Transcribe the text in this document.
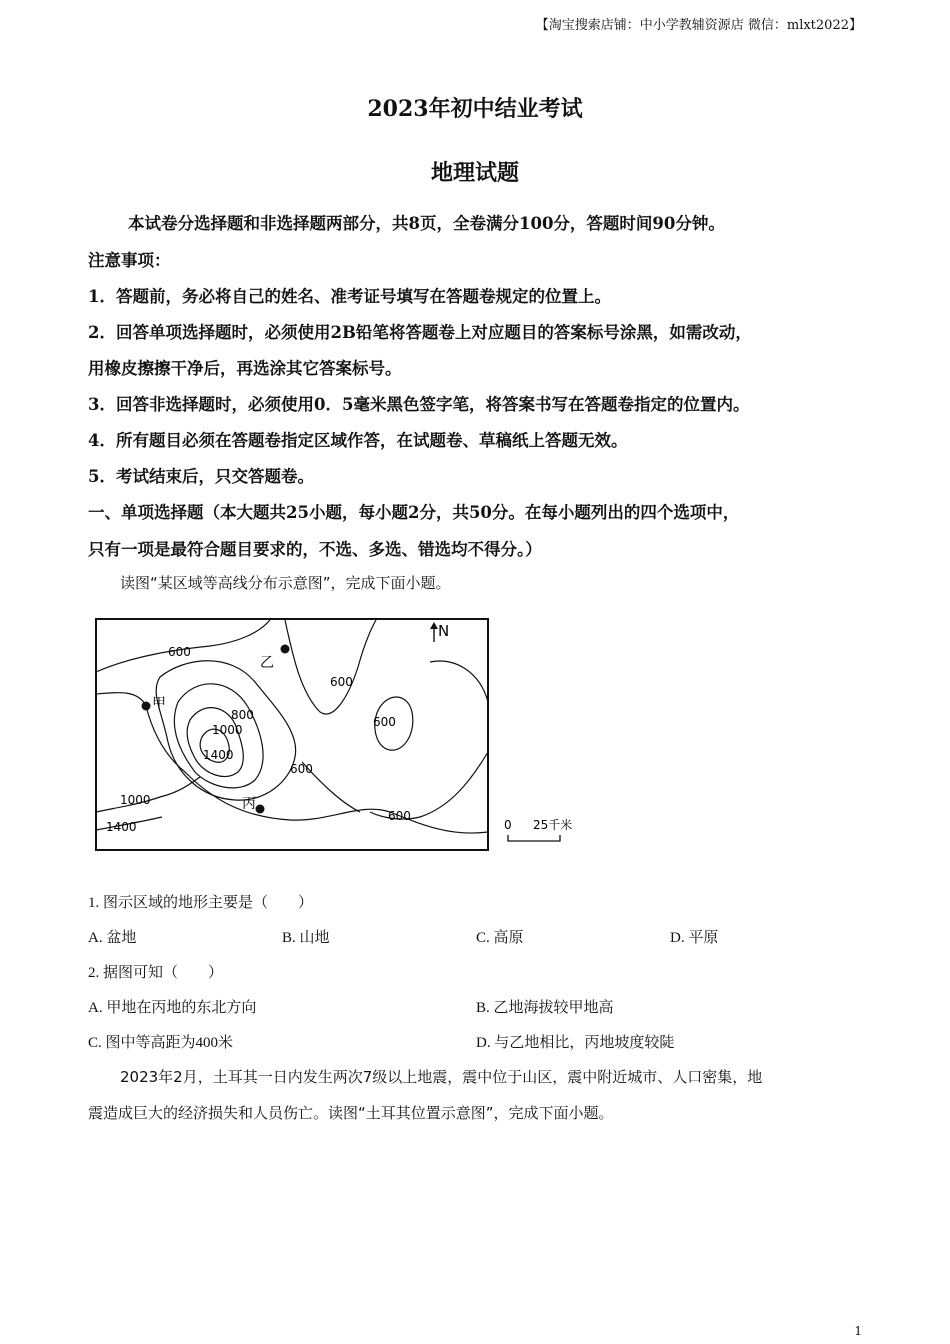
【淘宝搜索店铺：中小学教辅资源店 微信：mlxt2022】
2023年初中结业考试
地理试题
本试卷分选择题和非选择题两部分，共8页，全卷满分100分，答题时间90分钟。
注意事项：
1．答题前，务必将自己的姓名、准考证号填写在答题卷规定的位置上。
2．回答单项选择题时，必须使用2B铅笔将答题卷上对应题目的答案标号涂黑，如需改动，
用橡皮擦擦干净后，再选涂其它答案标号。
3．回答非选择题时，必须使用0．5毫米黑色签字笔，将答案书写在答题卷指定的位置内。
4．所有题目必须在答题卷指定区域作答，在试题卷、草稿纸上答题无效。
5．考试结束后，只交答题卷。
一、单项选择题（本大题共25小题，每小题2分，共50分。在每小题列出的四个选项中，
只有一项是最符合题目要求的，不选、多选、错选均不得分。）
读图“某区域等高线分布示意图”，完成下面小题。
甲
乙
丙
600
600
600
600
600
800
1000
1400
1000
1400
N
0 25千米
1. 图示区域的地形主要是（　　）
A. 盆地	B. 山地	C. 高原	D. 平原
2. 据图可知（　　）
A. 甲地在丙地的东北方向	B. 乙地海拔较甲地高
C. 图中等高距为400米	D. 与乙地相比，丙地坡度较陡
2023年2月，土耳其一日内发生两次7级以上地震，震中位于山区，震中附近城市、人口密集，地
震造成巨大的经济损失和人员伤亡。读图“土耳其位置示意图”，完成下面小题。
1
